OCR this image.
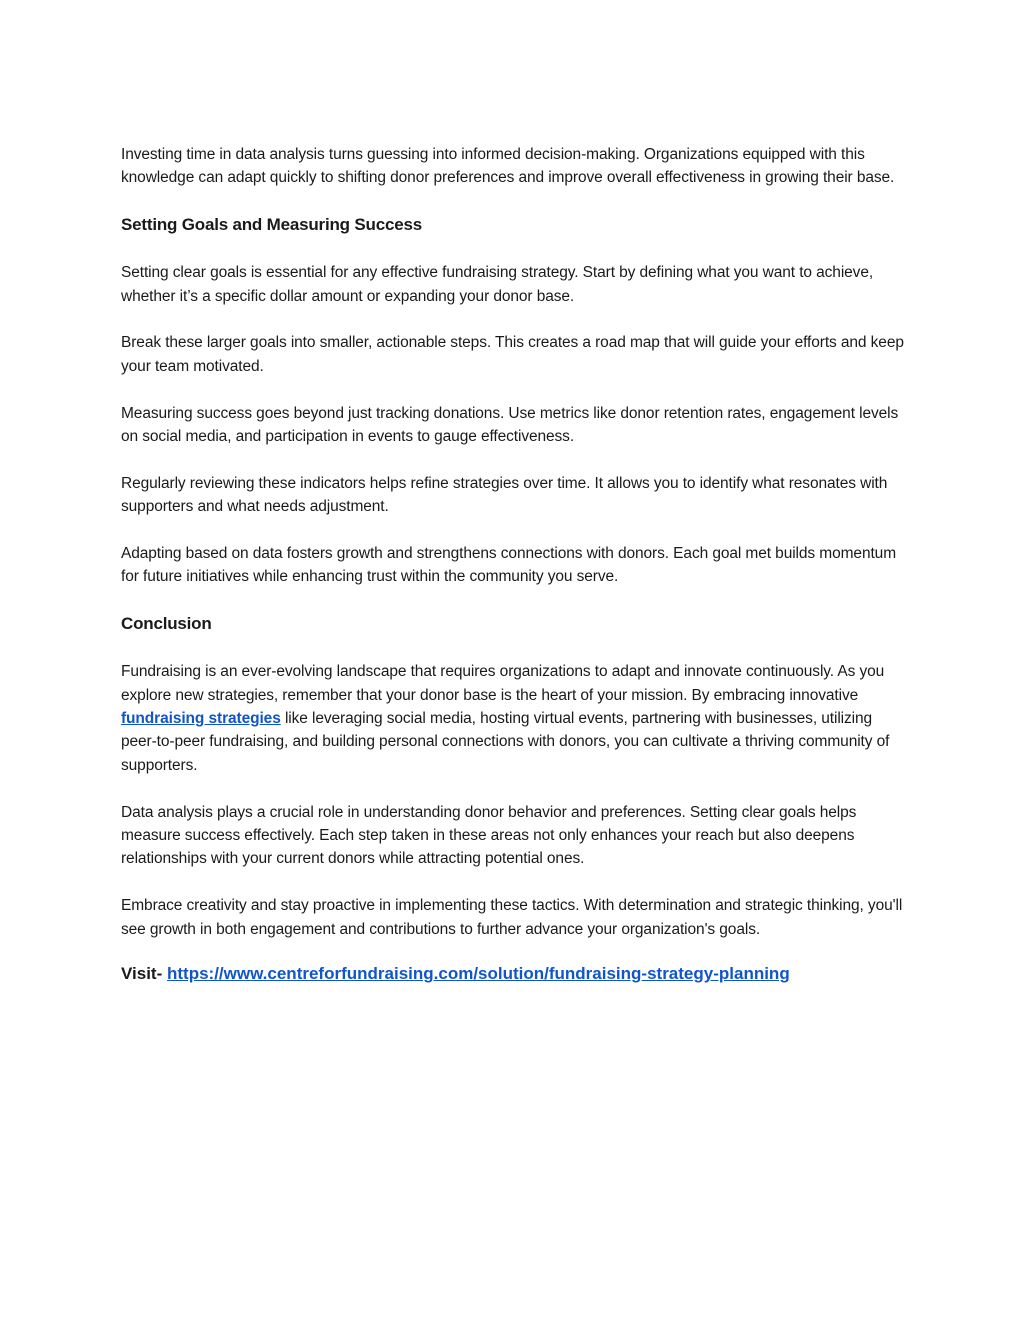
Investing time in data analysis turns guessing into informed decision-making. Organizations equipped with this knowledge can adapt quickly to shifting donor preferences and improve overall effectiveness in growing their base.

Setting Goals and Measuring Success

Setting clear goals is essential for any effective fundraising strategy. Start by defining what you want to achieve, whether it’s a specific dollar amount or expanding your donor base.

Break these larger goals into smaller, actionable steps. This creates a road map that will guide your efforts and keep your team motivated.

Measuring success goes beyond just tracking donations. Use metrics like donor retention rates, engagement levels on social media, and participation in events to gauge effectiveness.

Regularly reviewing these indicators helps refine strategies over time. It allows you to identify what resonates with supporters and what needs adjustment.

Adapting based on data fosters growth and strengthens connections with donors. Each goal met builds momentum for future initiatives while enhancing trust within the community you serve.

Conclusion

Fundraising is an ever-evolving landscape that requires organizations to adapt and innovate continuously. As you explore new strategies, remember that your donor base is the heart of your mission. By embracing innovative fundraising strategies like leveraging social media, hosting virtual events, partnering with businesses, utilizing peer-to-peer fundraising, and building personal connections with donors, you can cultivate a thriving community of supporters.

Data analysis plays a crucial role in understanding donor behavior and preferences. Setting clear goals helps measure success effectively. Each step taken in these areas not only enhances your reach but also deepens relationships with your current donors while attracting potential ones.

Embrace creativity and stay proactive in implementing these tactics. With determination and strategic thinking, you'll see growth in both engagement and contributions to further advance your organization's goals.

Visit- https://www.centreforfundraising.com/solution/fundraising-strategy-planning
